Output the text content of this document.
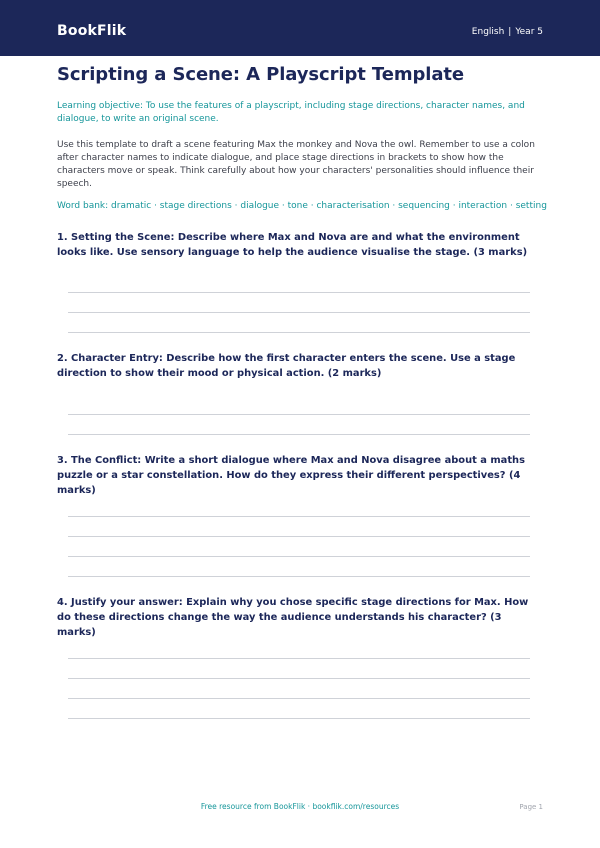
BookFlik	English | Year 5
Scripting a Scene: A Playscript Template
Learning objective: To use the features of a playscript, including stage directions, character names, and dialogue, to write an original scene.
Use this template to draft a scene featuring Max the monkey and Nova the owl. Remember to use a colon after character names to indicate dialogue, and place stage directions in brackets to show how the characters move or speak. Think carefully about how your characters' personalities should influence their speech.
Word bank: dramatic · stage directions · dialogue · tone · characterisation · sequencing · interaction · setting
1. Setting the Scene: Describe where Max and Nova are and what the environment looks like. Use sensory language to help the audience visualise the stage. (3 marks)
2. Character Entry: Describe how the first character enters the scene. Use a stage direction to show their mood or physical action. (2 marks)
3. The Conflict: Write a short dialogue where Max and Nova disagree about a maths puzzle or a star constellation. How do they express their different perspectives? (4 marks)
4. Justify your answer: Explain why you chose specific stage directions for Max. How do these directions change the way the audience understands his character? (3 marks)
Free resource from BookFlik · bookflik.com/resources	Page 1
